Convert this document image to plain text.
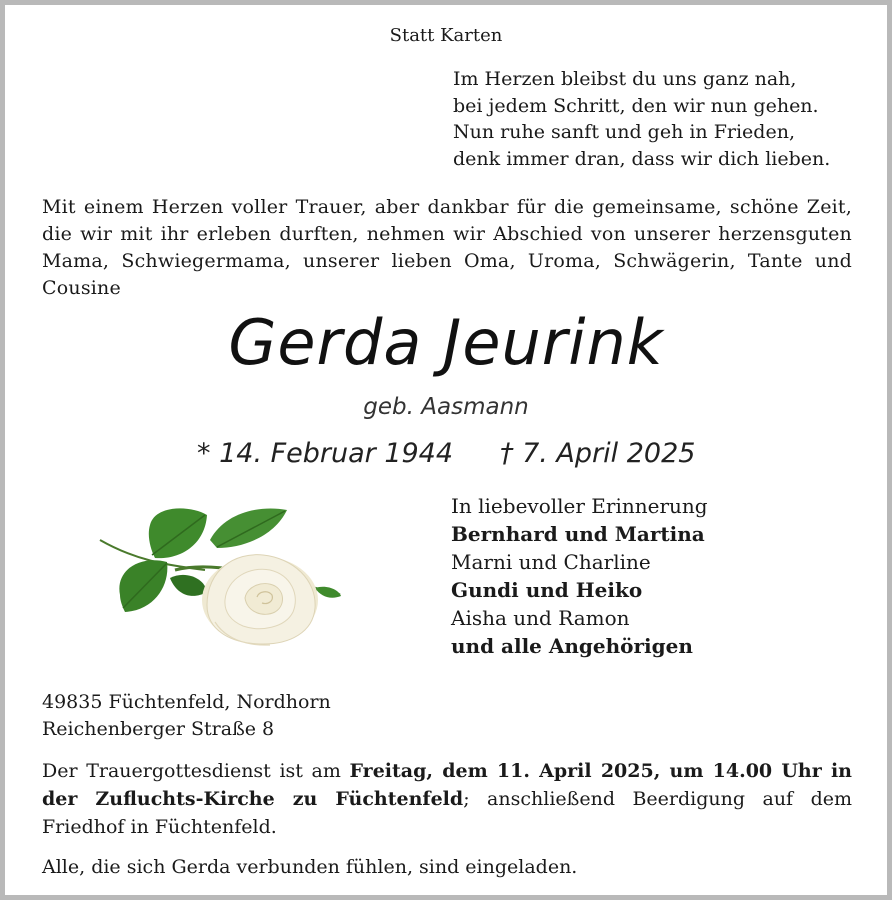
Statt Karten
Im Herzen bleibst du uns ganz nah,
bei jedem Schritt, den wir nun gehen.
Nun ruhe sanft und geh in Frieden,
denk immer dran, dass wir dich lieben.
Mit einem Herzen voller Trauer, aber dankbar für die gemeinsame, schöne Zeit, die wir mit ihr erleben durften, nehmen wir Abschied von unserer herzensguten Mama, Schwiegermama, unserer lieben Oma, Uroma, Schwägerin, Tante und Cousine
Gerda Jeurink
geb. Aasmann
* 14. Februar 1944 † 7. April 2025
In liebevoller Erinnerung
Bernhard und Martina
Marni und Charline
Gundi und Heiko
Aisha und Ramon
und alle Angehörigen
49835 Füchtenfeld, Nordhorn
Reichenberger Straße 8
Der Trauergottesdienst ist am Freitag, dem 11. April 2025, um 14.00 Uhr in der Zufluchts-Kirche zu Füchtenfeld; anschließend Beerdigung auf dem Friedhof in Füchtenfeld.
Alle, die sich Gerda verbunden fühlen, sind eingeladen.
